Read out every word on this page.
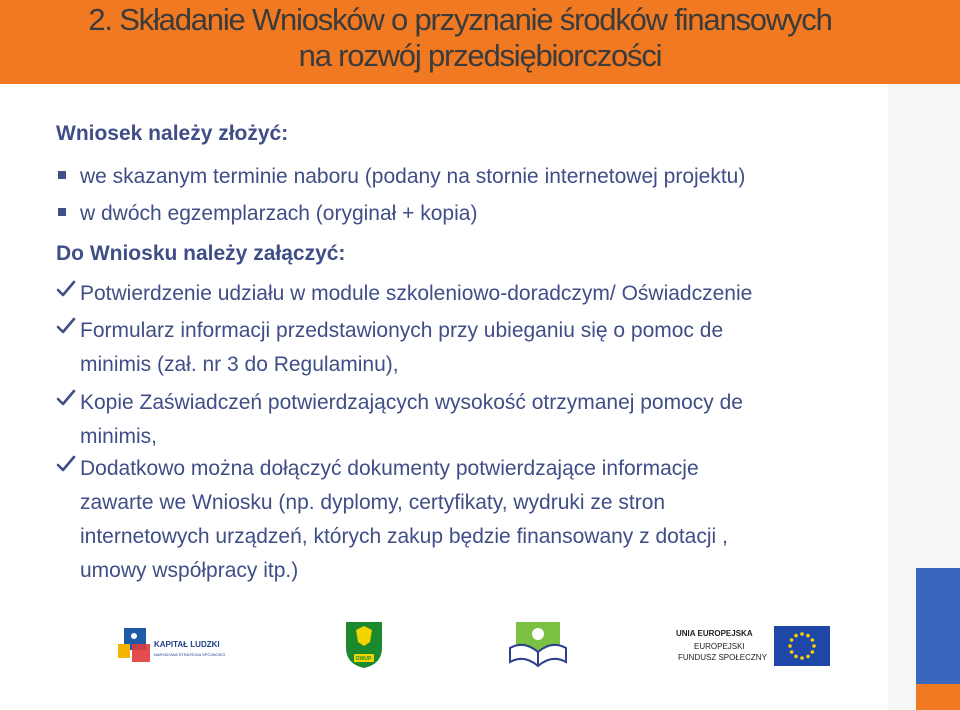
2. Składanie Wniosków o przyznanie środków finansowych
na rozwój przedsiębiorczości
Wniosek należy złożyć:
we skazanym terminie naboru (podany na stornie internetowej projektu)
w dwóch egzemplarzach (oryginał + kopia)
Do Wniosku należy załączyć:
Potwierdzenie udziału w module szkoleniowo-doradczym/ Oświadczenie
Formularz informacji przedstawionych przy ubieganiu się o pomoc de
minimis (zał. nr 3 do Regulaminu),
Kopie Zaświadczeń potwierdzających wysokość otrzymanej pomocy de
minimis,
Dodatkowo można dołączyć dokumenty potwierdzające informacje
zawarte we Wniosku (np. dyplomy, certyfikaty, wydruki ze stron
internetowych urządzeń, których zakup będzie finansowany z dotacji ,
umowy współpracy itp.)
KAPITAŁ LUDZKI
NARODOWA STRATEGIA SPÓJNOŚCI
DWUP
UNIA EUROPEJSKA
EUROPEJSKI
FUNDUSZ SPOŁECZNY
